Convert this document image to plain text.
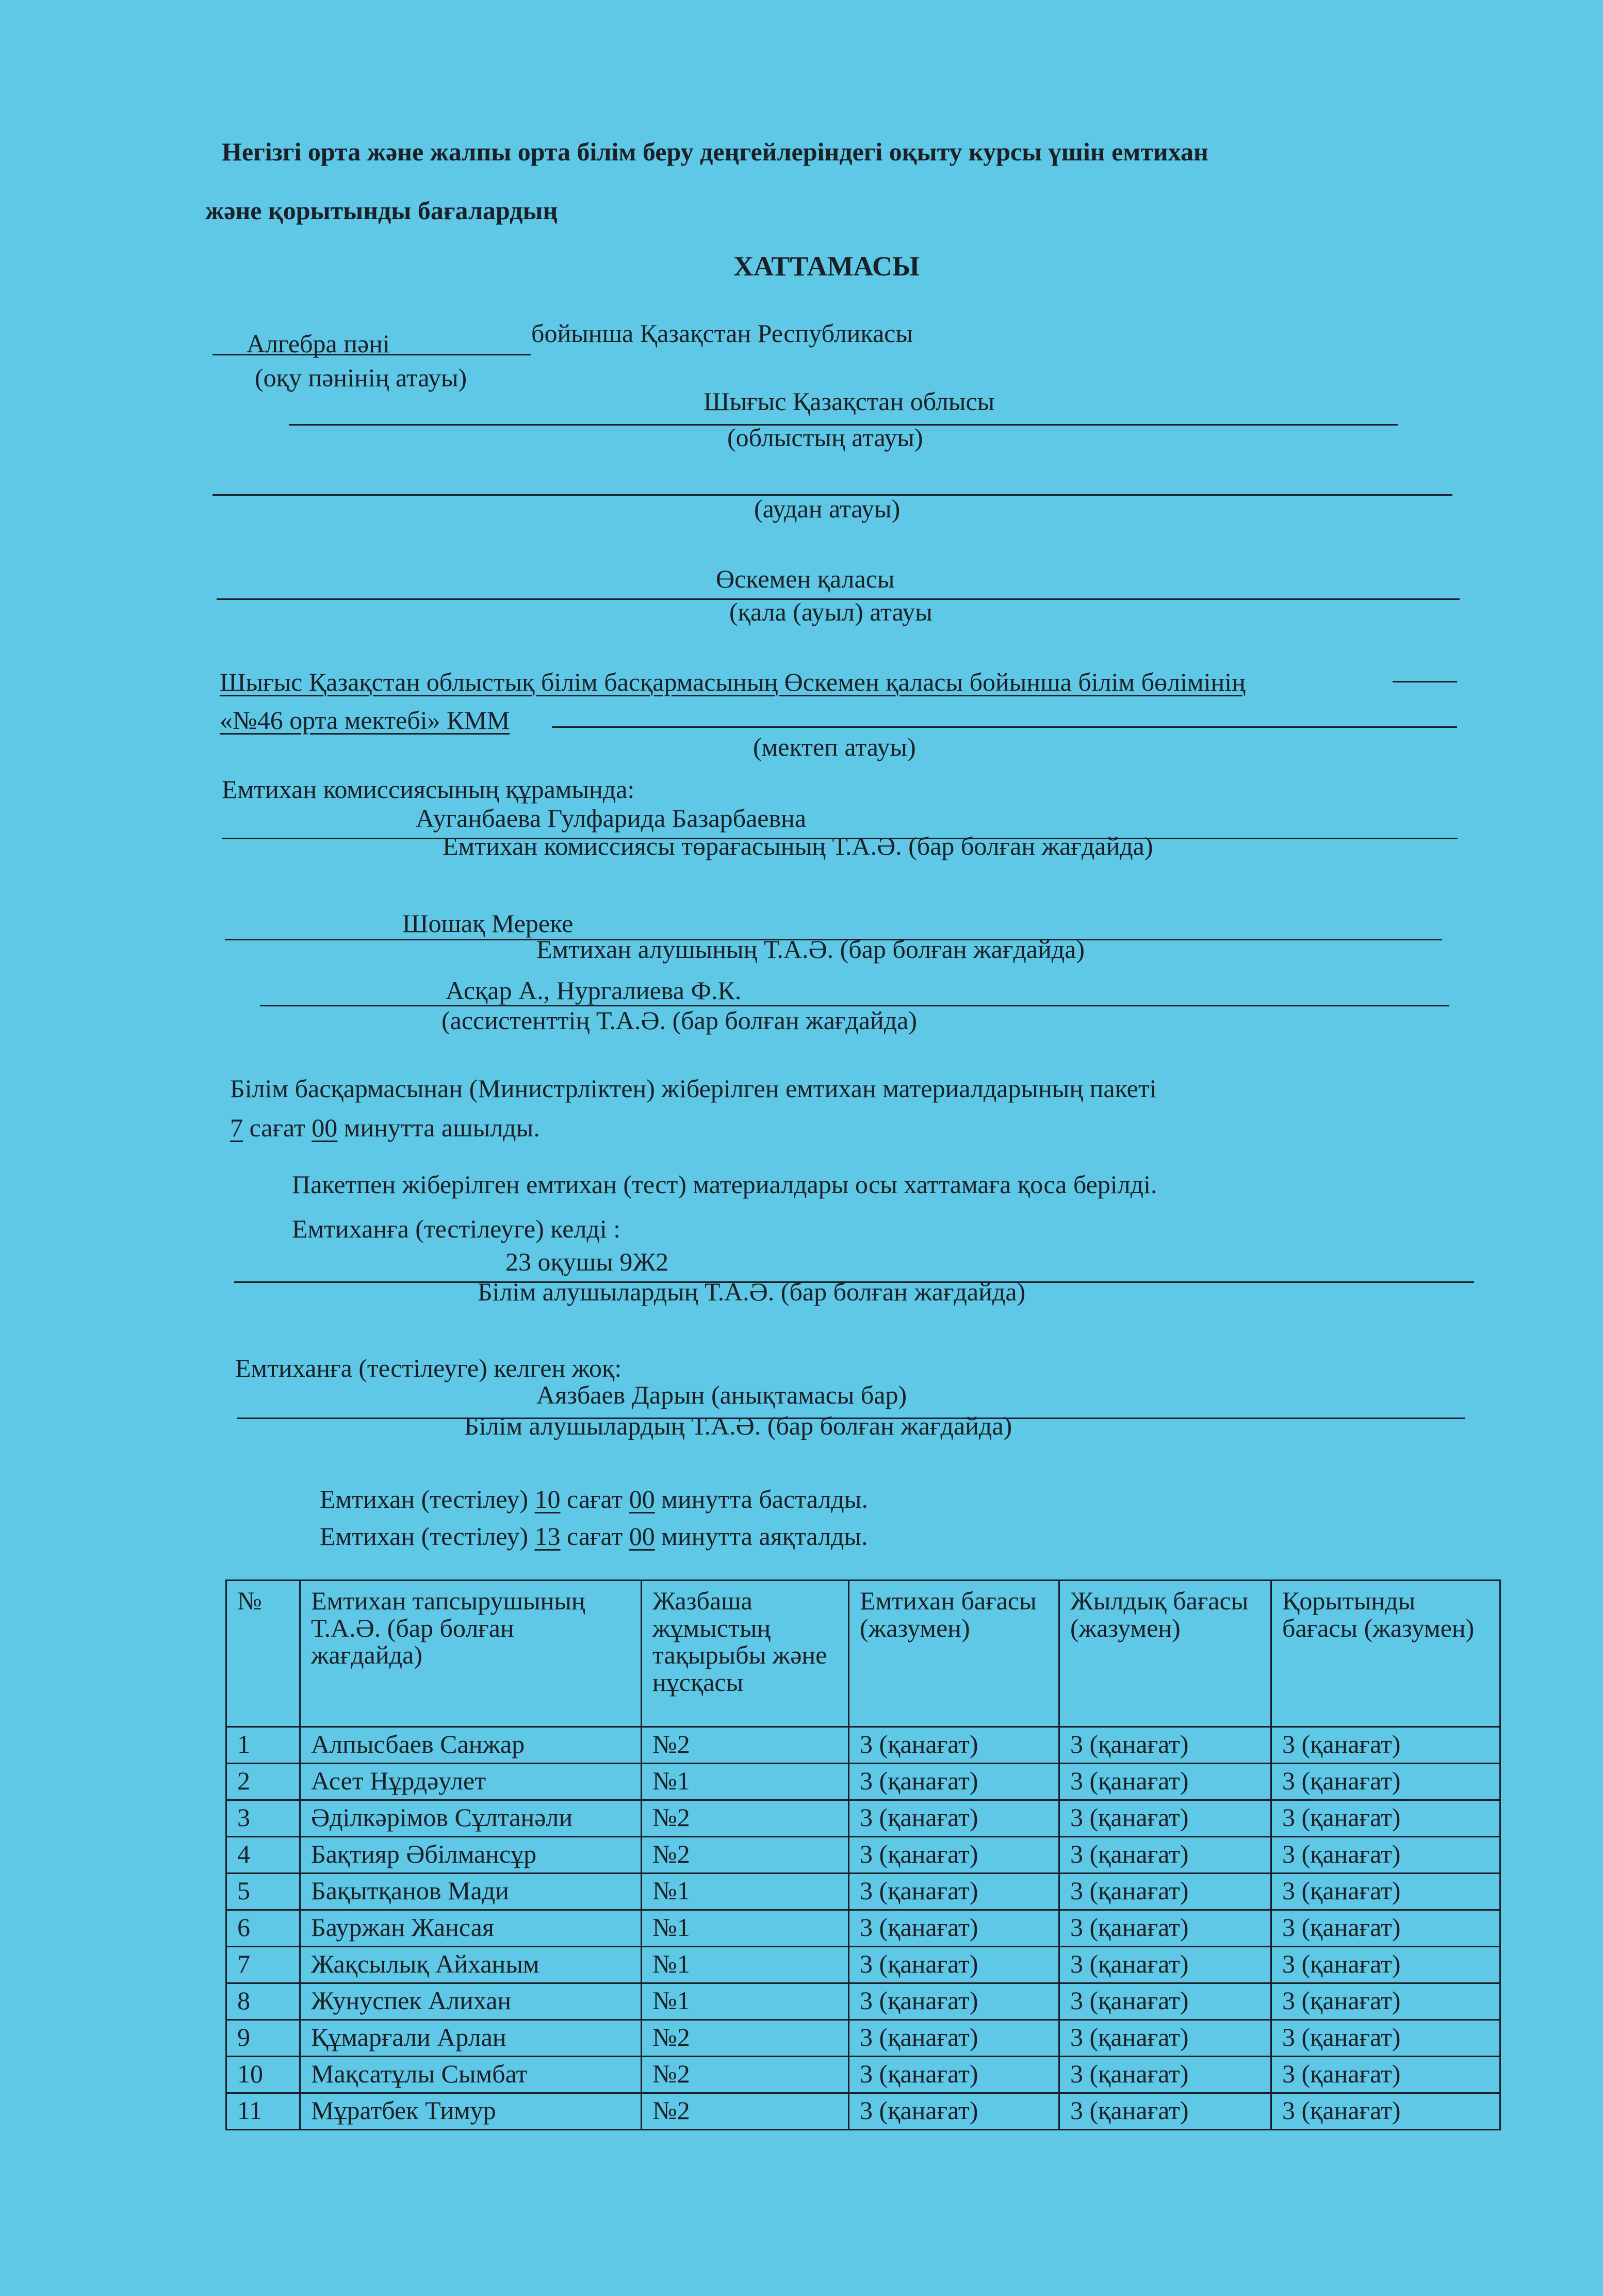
Негізгі орта және жалпы орта білім беру деңгейлеріндегі оқыту курсы үшін емтихан
және қорытынды бағалардың
ХАТТАМАСЫ
Алгебра пәні	бойынша Қазақстан Республикасы
(оқу пәнінің атауы)
Шығыс Қазақстан облысы
(облыстың атауы)
(аудан атауы)
Өскемен қаласы
(қала (ауыл) атауы
Шығыс Қазақстан облыстық білім басқармасының Өскемен қаласы бойынша білім бөлімінің
«№46 орта мектебі» КММ
(мектеп атауы)
Емтихан комиссиясының құрамында:
Ауганбаева Гулфарида Базарбаевна
Емтихан комиссиясы төрағасының Т.А.Ә. (бар болған жағдайда)
Шошақ Мереке
Емтихан алушының Т.А.Ә. (бар болған жағдайда)
Асқар А., Нургалиева Ф.К.
(ассистенттің Т.А.Ә. (бар болған жағдайда)
Білім басқармасынан (Министрліктен) жіберілген емтихан материалдарының пакеті
7 сағат 00 минутта ашылды.
Пакетпен жіберілген емтихан (тест) материалдары осы хаттамаға қоса берілді.
Емтиханға (тестілеуге) келді :
23 оқушы 9Ж2
Білім алушылардың Т.А.Ә. (бар болған жағдайда)
Емтиханға (тестілеуге) келген жоқ:
Аязбаев Дарын (анықтамасы бар)
Білім алушылардың Т.А.Ә. (бар болған жағдайда)
Емтихан (тестілеу) 10 сағат 00 минутта басталды.
Емтихан (тестілеу) 13 сағат 00 минутта аяқталды.
№	Емтихан тапсырушының Т.А.Ә. (бар болған жағдайда)	Жазбаша жұмыстың тақырыбы және нұсқасы	Емтихан бағасы (жазумен)	Жылдық бағасы (жазумен)	Қорытынды бағасы (жазумен)
1	Алпысбаев Санжар	№2	3 (қанағат)	3 (қанағат)	3 (қанағат)
2	Асет Нұрдәулет	№1	3 (қанағат)	3 (қанағат)	3 (қанағат)
3	Әділкәрімов Сұлтанәли	№2	3 (қанағат)	3 (қанағат)	3 (қанағат)
4	Бақтияр Әбілмансұр	№2	3 (қанағат)	3 (қанағат)	3 (қанағат)
5	Бақытқанов Мади	№1	3 (қанағат)	3 (қанағат)	3 (қанағат)
6	Бауржан Жансая	№1	3 (қанағат)	3 (қанағат)	3 (қанағат)
7	Жақсылық Айханым	№1	3 (қанағат)	3 (қанағат)	3 (қанағат)
8	Жунуспек Алихан	№1	3 (қанағат)	3 (қанағат)	3 (қанағат)
9	Құмарғали Арлан	№2	3 (қанағат)	3 (қанағат)	3 (қанағат)
10	Мақсатұлы Сымбат	№2	3 (қанағат)	3 (қанағат)	3 (қанағат)
11	Мұратбек Тимур	№2	3 (қанағат)	3 (қанағат)	3 (қанағат)
